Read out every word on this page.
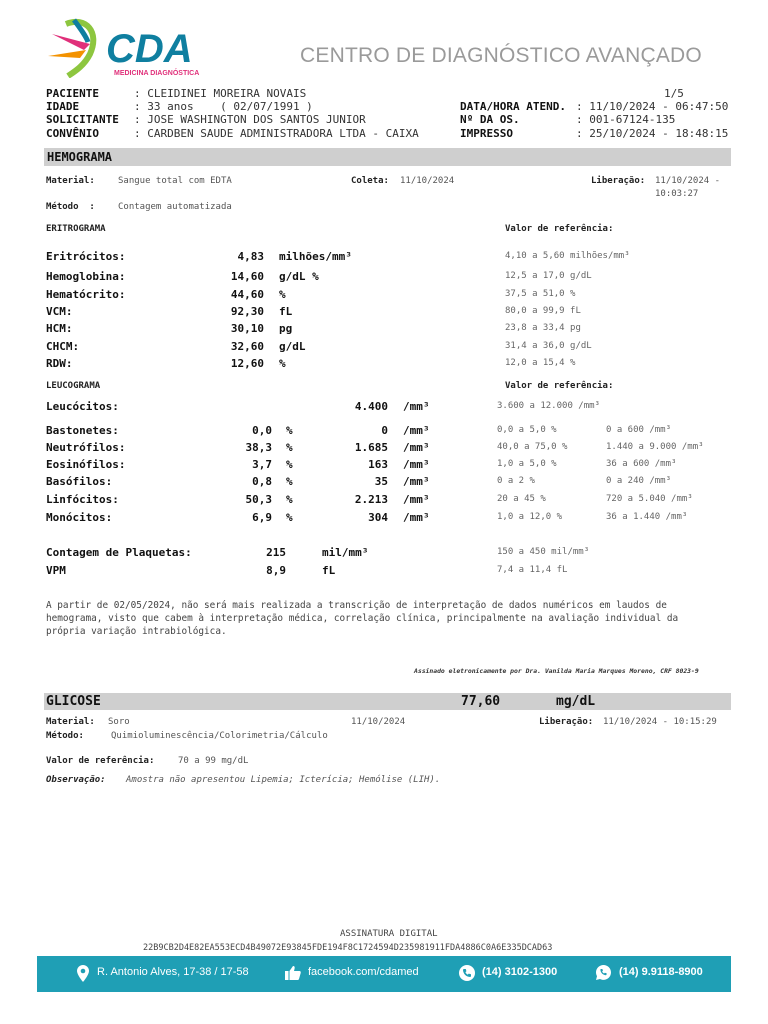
CDA
MEDICINA DIAGNÓSTICA
CENTRO DE DIAGNÓSTICO AVANÇADO
PACIENTE	: CLEIDINEI MOREIRA NOVAIS	1/5
IDADE	: 33 anos    ( 02/07/1991 )	DATA/HORA ATEND. : 11/10/2024 - 06:47:50
SOLICITANTE : JOSE WASHINGTON DOS SANTOS JUNIOR	Nº DA OS.	: 001-67124-135
CONVÊNIO	: CARDBEN SAUDE ADMINISTRADORA LTDA - CAIXA	IMPRESSO	: 25/10/2024 - 18:48:15
HEMOGRAMA
Material:	Sangue total com EDTA	Coleta: 11/10/2024	Liberação: 11/10/2024 -
10:03:27
Método  :	Contagem automatizada
ERITROGRAMA	Valor de referência:
Eritrócitos:	4,83 milhões/mm³	4,10 a 5,60 milhões/mm³
Hemoglobina:	14,60 g/dL %	12,5 a 17,0 g/dL
Hematócrito:	44,60 %	37,5 a 51,0 %
VCM:	92,30 fL	80,0 a 99,9 fL
HCM:	30,10 pg	23,8 a 33,4 pg
CHCM:	32,60 g/dL	31,4 a 36,0 g/dL
RDW:	12,60 %	12,0 a 15,4 %
LEUCOGRAMA	Valor de referência:
Leucócitos:	4.400 /mm³	3.600 a 12.000 /mm³
Bastonetes:	0,0 %	0 /mm³	0,0 a 5,0 %	0 a 600 /mm³
Neutrófilos:	38,3 %	1.685 /mm³	40,0 a 75,0 %	1.440 a 9.000 /mm³
Eosinófilos:	3,7 %	163 /mm³	1,0 a 5,0 %	36 a 600 /mm³
Basófilos:	0,8 %	35 /mm³	0 a 2 %	0 a 240 /mm³
Linfócitos:	50,3 %	2.213 /mm³	20 a 45 %	720 a 5.040 /mm³
Monócitos:	6,9 %	304 /mm³	1,0 a 12,0 %	36 a 1.440 /mm³
Contagem de Plaquetas:	215	mil/mm³	150 a 450 mil/mm³
VPM	8,9	fL	7,4 a 11,4 fL
A partir de 02/05/2024, não será mais realizada a transcrição de interpretação de dados numéricos em laudos de
hemograma, visto que cabem à interpretação médica, correlação clínica, principalmente na avaliação individual da
própria variação intrabiológica.
Assinado eletronicamente por Dra. Vanilda Maria Marques Moreno, CRF 8023-9
GLICOSE	77,60	mg/dL
Material: Soro	11/10/2024	Liberação: 11/10/2024 - 10:15:29
Método:	Quimioluminescência/Colorimetria/Cálculo
Valor de referência:	70 a 99 mg/dL
Observação: Amostra não apresentou Lipemia; Icterícia; Hemólise (LIH).
ASSINATURA DIGITAL
22B9CB2D4E82EA553ECD4B49072E93845FDE194F8C1724594D235981911FDA4886C0A6E335DCAD63
R. Antonio Alves, 17-38 / 17-58	facebook.com/cdamed	(14) 3102-1300	(14) 9.9118-8900
